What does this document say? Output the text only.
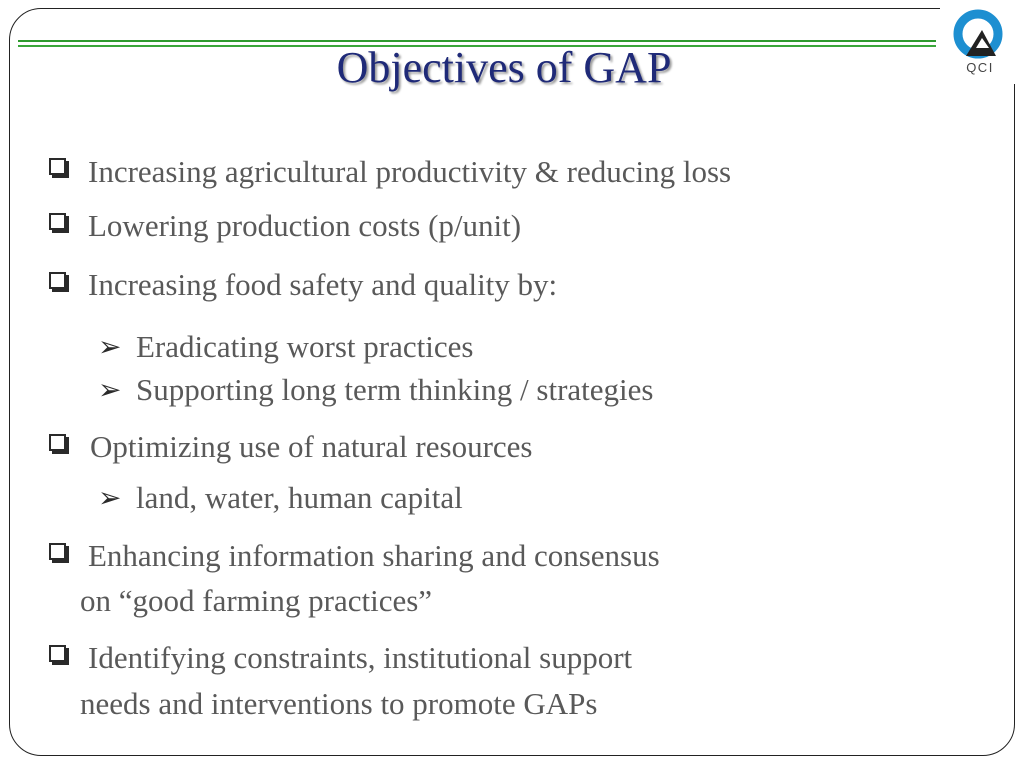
QCI
Objectives of GAP
Increasing agricultural productivity & reducing loss
Lowering production costs (p/unit)
Increasing food safety and quality by:
➢ Eradicating worst practices
➢ Supporting long term thinking / strategies
Optimizing use of natural resources
➢ land, water, human capital
Enhancing information sharing and consensus
on “good farming practices”
Identifying constraints, institutional support
needs and interventions to promote GAPs
